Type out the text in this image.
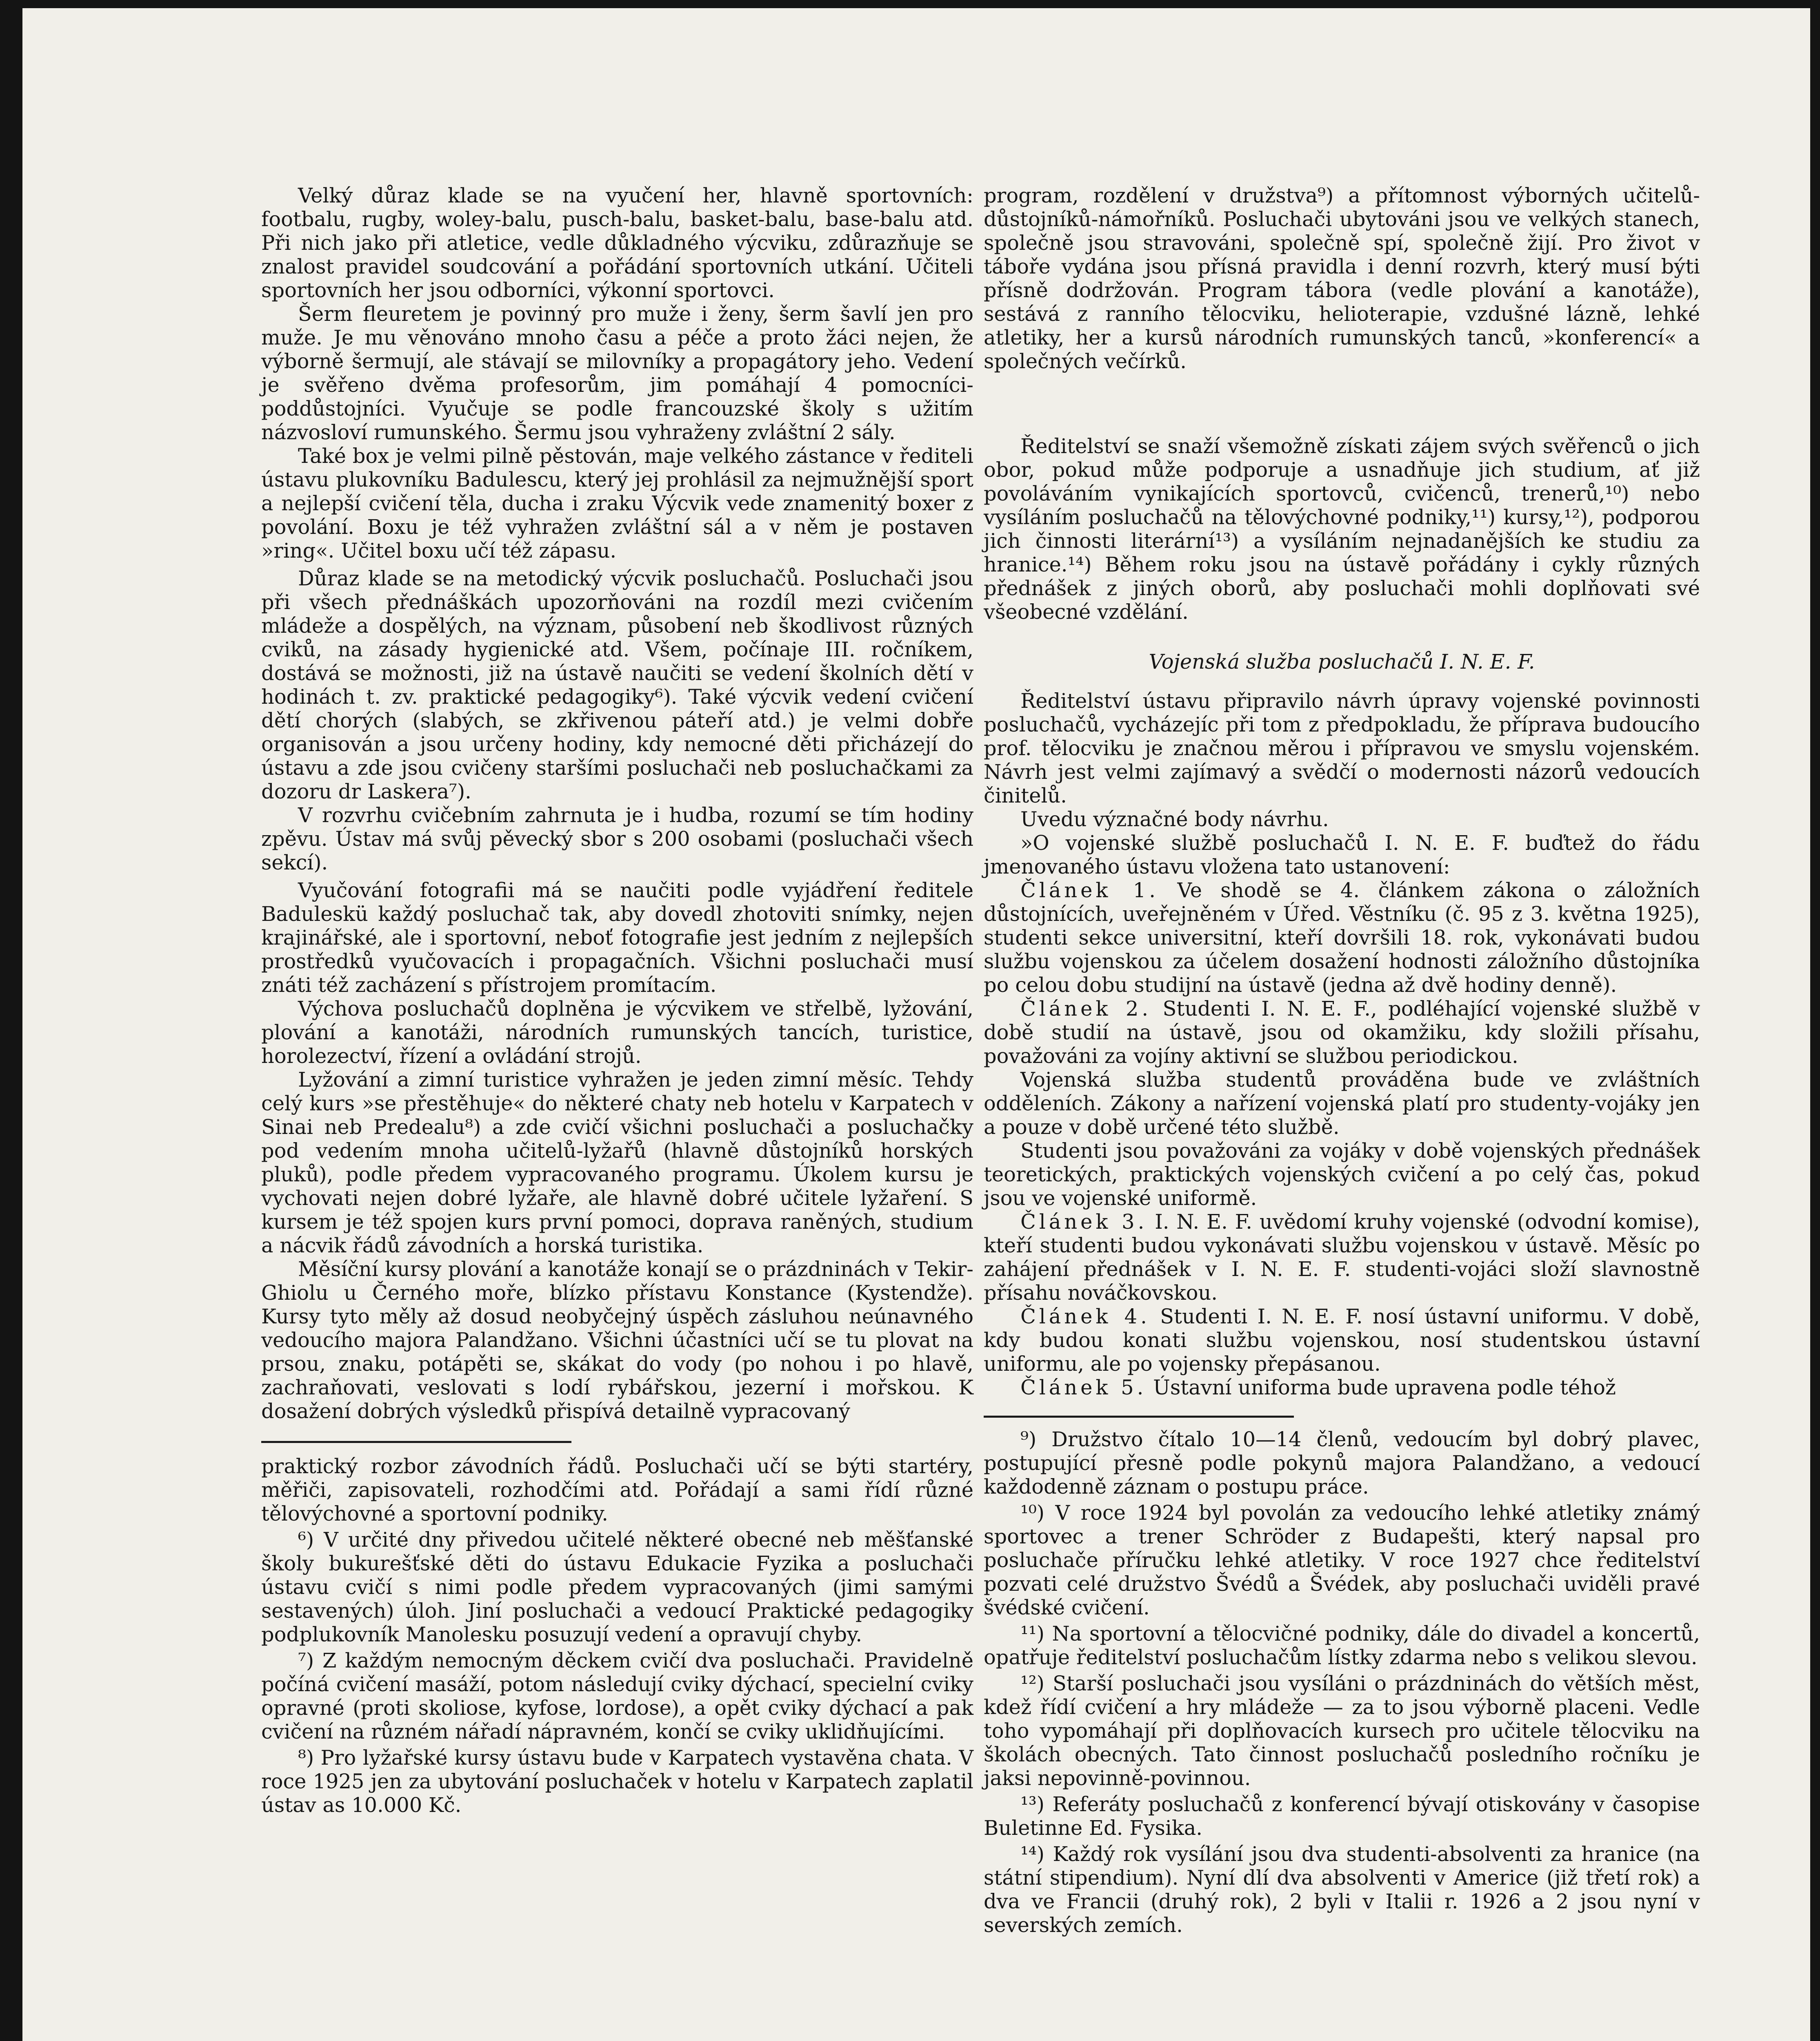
Velký důraz klade se na vyučení her, hlavně sportovních: footbalu, rugby, woley-balu, pusch-balu, basket-balu, base-balu atd. Při nich jako při atletice, vedle důkladného výcviku, zdůrazňuje se znalost pravidel soudcování a pořádání sportovních utkání. Učiteli sportovních her jsou odborníci, výkonní sportovci.

Šerm fleuretem je povinný pro muže i ženy, šerm šavlí jen pro muže. Je mu věnováno mnoho času a péče a proto žáci nejen, že výborně šermují, ale stávají se milovníky a propagátory jeho. Vedení je svěřeno dvěma profesorům, jim pomáhají 4 pomocníci-poddůstojníci. Vyučuje se podle francouzské školy s užitím názvosloví rumunského. Šermu jsou vyhraženy zvláštní 2 sály.

Také box je velmi pilně pěstován, maje velkého zástance v řediteli ústavu plukovníku Badulescu, který jej prohlásil za nejmužnější sport a nejlepší cvičení těla, ducha i zraku Výcvik vede znamenitý boxer z povolání. Boxu je též vyhražen zvláštní sál a v něm je postaven »ring«. Učitel boxu učí též zápasu.

Důraz klade se na metodický výcvik posluchačů. Posluchači jsou při všech přednáškách upozorňováni na rozdíl mezi cvičením mládeže a dospělých, na význam, působení neb škodlivost různých cviků, na zásady hygienické atd. Všem, počínaje III. ročníkem, dostává se možnosti, již na ústavě naučiti se vedení školních dětí v hodinách t. zv. praktické pedagogiky⁶). Také výcvik vedení cvičení dětí chorých (slabých, se zkřivenou páteří atd.) je velmi dobře organisován a jsou určeny hodiny, kdy nemocné děti přicházejí do ústavu a zde jsou cvičeny staršími posluchači neb posluchačkami za dozoru dr Laskera⁷).

V rozvrhu cvičebním zahrnuta je i hudba, rozumí se tím hodiny zpěvu. Ústav má svůj pěvecký sbor s 200 osobami (posluchači všech sekcí).

Vyučování fotografii má se naučiti podle vyjádření ředitele Baduleskü každý posluchač tak, aby dovedl zhotoviti snímky, nejen krajinářské, ale i sportovní, neboť fotografie jest jedním z nejlepších prostředků vyučovacích i propagačních. Všichni posluchači musí znáti též zacházení s přístrojem promítacím.

Výchova posluchačů doplněna je výcvikem ve střelbě, lyžování, plování a kanotáži, národních rumunských tancích, turistice, horolezectví, řízení a ovládání strojů.

Lyžování a zimní turistice vyhražen je jeden zimní měsíc. Tehdy celý kurs »se přestěhuje« do některé chaty neb hotelu v Karpatech v Sinai neb Predealu⁸) a zde cvičí všichni posluchači a posluchačky pod vedením mnoha učitelů-lyžařů (hlavně důstojníků horských pluků), podle předem vypracovaného programu. Úkolem kursu je vychovati nejen dobré lyžaře, ale hlavně dobré učitele lyžaření. S kursem je též spojen kurs první pomoci, doprava raněných, studium a nácvik řádů závodních a horská turistika.

Měsíční kursy plování a kanotáže konají se o prázdninách v Tekir-Ghiolu u Černého moře, blízko přístavu Konstance (Kystendže). Kursy tyto měly až dosud neobyčejný úspěch zásluhou neúnavného vedoucího majora Palandžano. Všichni účastníci učí se tu plovat na prsou, znaku, potápěti se, skákat do vody (po nohou i po hlavě, zachraňovati, veslovati s lodí rybářskou, jezerní i mořskou. K dosažení dobrých výsledků přispívá detailně vypracovaný

praktický rozbor závodních řádů. Posluchači učí se býti startéry, měřiči, zapisovateli, rozhodčími atd. Pořádají a sami řídí různé tělovýchovné a sportovní podniky.

⁶) V určité dny přivedou učitelé některé obecné neb měšťanské školy bukurešťské děti do ústavu Edukacie Fyzika a posluchači ústavu cvičí s nimi podle předem vypracovaných (jimi samými sestavených) úloh. Jiní posluchači a vedoucí Praktické pedagogiky podplukovník Manolesku posuzují vedení a opravují chyby.

⁷) Z každým nemocným děckem cvičí dva posluchači. Pravidelně počíná cvičení masáží, potom následují cviky dýchací, specielní cviky opravné (proti skoliose, kyfose, lordose), a opět cviky dýchací a pak cvičení na různém nářadí nápravném, končí se cviky uklidňujícími.

⁸) Pro lyžařské kursy ústavu bude v Karpatech vystavěna chata. V roce 1925 jen za ubytování posluchaček v hotelu v Karpatech zaplatil ústav as 10.000 Kč.

program, rozdělení v družstva⁹) a přítomnost výborných učitelů-důstojníků-námořníků. Posluchači ubytováni jsou ve velkých stanech, společně jsou stravováni, společně spí, společně žijí. Pro život v táboře vydána jsou přísná pravidla i denní rozvrh, který musí býti přísně dodržován. Program tábora (vedle plování a kanotáže), sestává z ranního tělocviku, helioterapie, vzdušné lázně, lehké atletiky, her a kursů národních rumunských tanců, »konferencí« a společných večírků.

Ředitelství se snaží všemožně získati zájem svých svěřenců o jich obor, pokud může podporuje a usnadňuje jich studium, ať již povoláváním vynikajících sportovců, cvičenců, trenerů,¹⁰) nebo vysíláním posluchačů na tělovýchovné podniky,¹¹) kursy,¹²), podporou jich činnosti literární¹³) a vysíláním nejnadanějších ke studiu za hranice.¹⁴) Během roku jsou na ústavě pořádány i cykly různých přednášek z jiných oborů, aby posluchači mohli doplňovati své všeobecné vzdělání.

Vojenská služba posluchačů I. N. E. F.

Ředitelství ústavu připravilo návrh úpravy vojenské povinnosti posluchačů, vycházejíc při tom z předpokladu, že příprava budoucího prof. tělocviku je značnou měrou i přípravou ve smyslu vojenském. Návrh jest velmi zajímavý a svědčí o modernosti názorů vedoucích činitelů.

Uvedu význačné body návrhu.

»O vojenské službě posluchačů I. N. E. F. buďtež do řádu jmenovaného ústavu vložena tato ustanovení:

Článek 1. Ve shodě se 4. článkem zákona o záložních důstojnících, uveřejněném v Úřed. Věstníku (č. 95 z 3. května 1925), studenti sekce universitní, kteří dovršili 18. rok, vykonávati budou službu vojenskou za účelem dosažení hodnosti záložního důstojníka po celou dobu studijní na ústavě (jedna až dvě hodiny denně).

Článek 2. Studenti I. N. E. F., podléhající vojenské službě v době studií na ústavě, jsou od okamžiku, kdy složili přísahu, považováni za vojíny aktivní se službou periodickou.

Vojenská služba studentů prováděna bude ve zvláštních odděleních. Zákony a nařízení vojenská platí pro studenty-vojáky jen a pouze v době určené této službě.

Studenti jsou považováni za vojáky v době vojenských přednášek teoretických, praktických vojenských cvičení a po celý čas, pokud jsou ve vojenské uniformě.

Článek 3. I. N. E. F. uvědomí kruhy vojenské (odvodní komise), kteří studenti budou vykonávati službu vojenskou v ústavě. Měsíc po zahájení přednášek v I. N. E. F. studenti-vojáci složí slavnostně přísahu nováčkovskou.

Článek 4. Studenti I. N. E. F. nosí ústavní uniformu. V době, kdy budou konati službu vojenskou, nosí studentskou ústavní uniformu, ale po vojensky přepásanou.

Článek 5. Ústavní uniforma bude upravena podle téhož

⁹) Družstvo čítalo 10—14 členů, vedoucím byl dobrý plavec, postupující přesně podle pokynů majora Palandžano, a vedoucí každodenně záznam o postupu práce.

¹⁰) V roce 1924 byl povolán za vedoucího lehké atletiky známý sportovec a trener Schröder z Budapešti, který napsal pro posluchače příručku lehké atletiky. V roce 1927 chce ředitelství pozvati celé družstvo Švédů a Švédek, aby posluchači uviděli pravé švédské cvičení.

¹¹) Na sportovní a tělocvičné podniky, dále do divadel a koncertů, opatřuje ředitelství posluchačům lístky zdarma nebo s velikou slevou.

¹²) Starší posluchači jsou vysíláni o prázdninách do větších měst, kdež řídí cvičení a hry mládeže — za to jsou výborně placeni. Vedle toho vypomáhají při doplňovacích kursech pro učitele tělocviku na školách obecných. Tato činnost posluchačů posledního ročníku je jaksi nepovinně-povinnou.

¹³) Referáty posluchačů z konferencí bývají otiskovány v časopise Buletinne Ed. Fysika.

¹⁴) Každý rok vysílání jsou dva studenti-absolventi za hranice (na státní stipendium). Nyní dlí dva absolventi v Americe (již třetí rok) a dva ve Francii (druhý rok), 2 byli v Italii r. 1926 a 2 jsou nyní v severských zemích.
